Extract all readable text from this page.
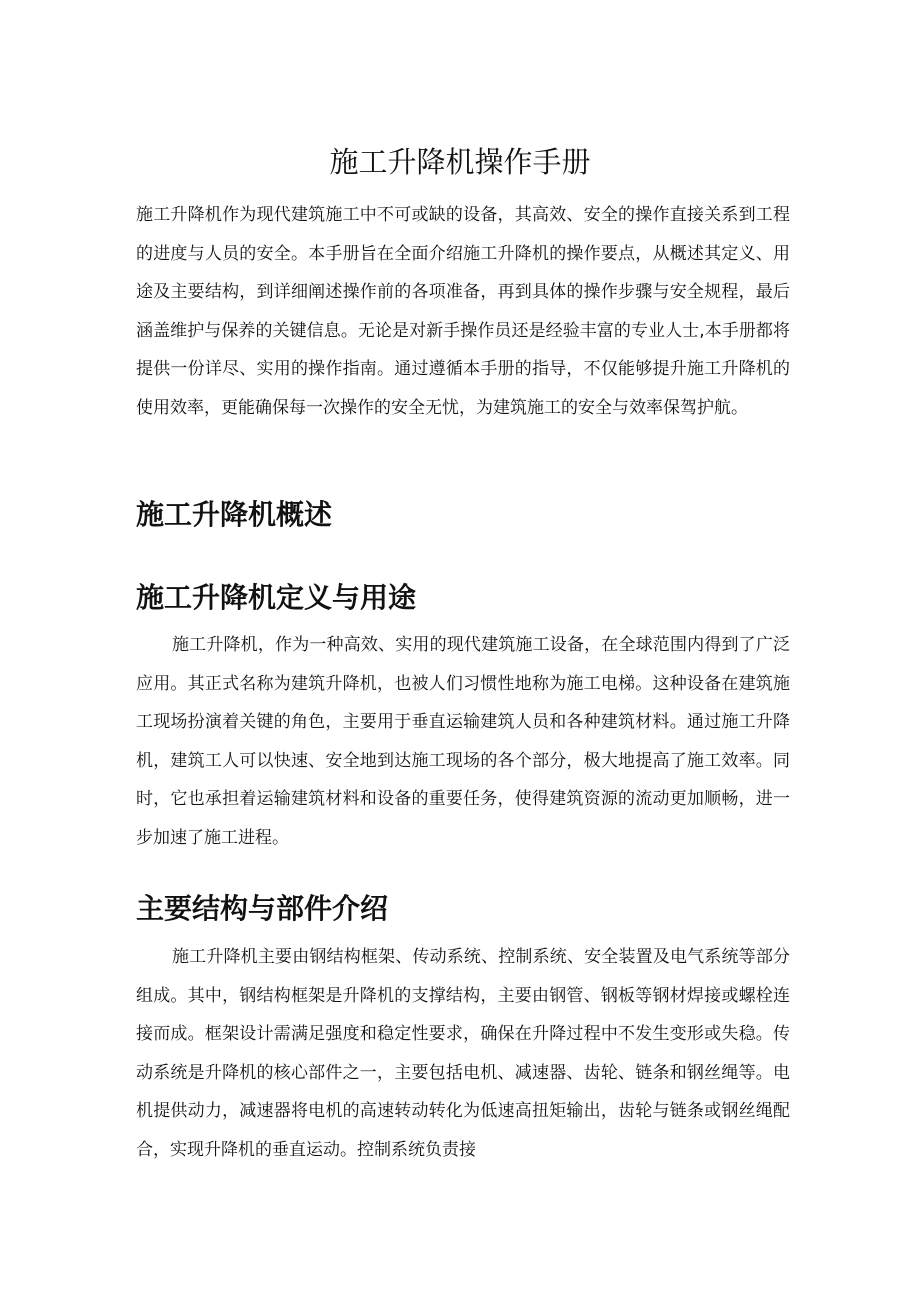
施工升降机操作手册

施工升降机作为现代建筑施工中不可或缺的设备，其高效、安全的操作直接关系到工程的进度与人员的安全。本手册旨在全面介绍施工升降机的操作要点，从概述其定义、用途及主要结构，到详细阐述操作前的各项准备，再到具体的操作步骤与安全规程，最后涵盖维护与保养的关键信息。无论是对新手操作员还是经验丰富的专业人士,本手册都将提供一份详尽、实用的操作指南。通过遵循本手册的指导，不仅能够提升施工升降机的使用效率，更能确保每一次操作的安全无忧，为建筑施工的安全与效率保驾护航。

施工升降机概述
施工升降机定义与用途

施工升降机，作为一种高效、实用的现代建筑施工设备，在全球范围内得到了广泛应用。其正式名称为建筑升降机，也被人们习惯性地称为施工电梯。这种设备在建筑施工现场扮演着关键的角色，主要用于垂直运输建筑人员和各种建筑材料。通过施工升降机，建筑工人可以快速、安全地到达施工现场的各个部分，极大地提高了施工效率。同时，它也承担着运输建筑材料和设备的重要任务，使得建筑资源的流动更加顺畅，进一步加速了施工进程。

主要结构与部件介绍

施工升降机主要由钢结构框架、传动系统、控制系统、安全装置及电气系统等部分组成。其中，钢结构框架是升降机的支撑结构，主要由钢管、钢板等钢材焊接或螺栓连接而成。框架设计需满足强度和稳定性要求，确保在升降过程中不发生变形或失稳。传动系统是升降机的核心部件之一，主要包括电机、减速器、齿轮、链条和钢丝绳等。电机提供动力，减速器将电机的高速转动转化为低速高扭矩输出，齿轮与链条或钢丝绳配合，实现升降机的垂直运动。控制系统负责接
